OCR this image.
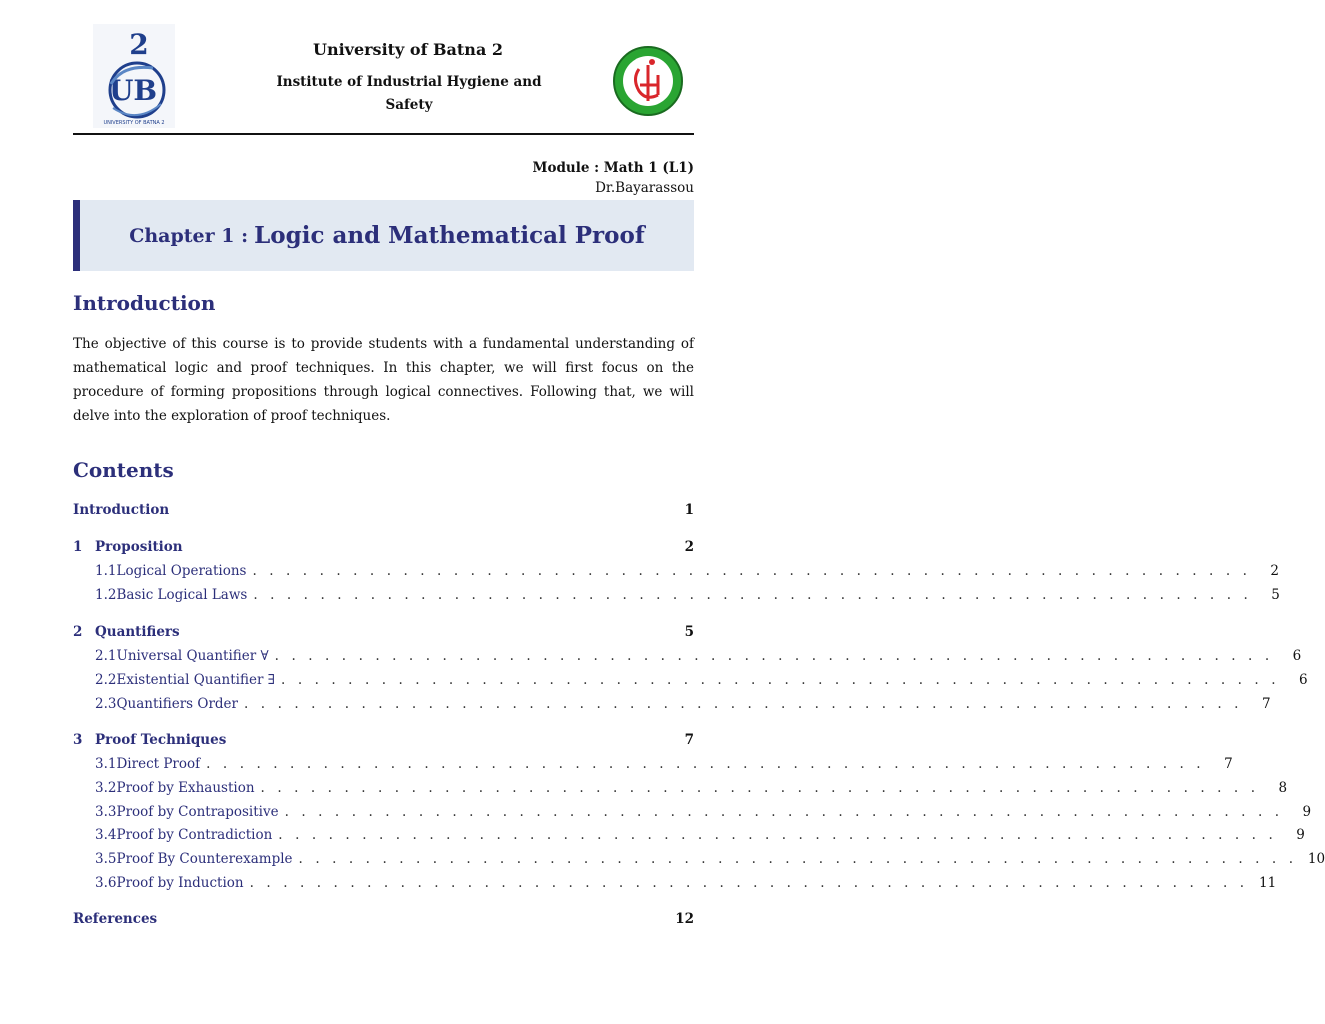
2
UB
UNIVERSITY OF BATNA 2
University of Batna 2
Institute of Industrial Hygiene and Safety
Module : Math 1 (L1)
Dr.Bayarassou
Chapter 1 : Logic and Mathematical Proof
Introduction
The objective of this course is to provide students with a fundamental understanding of mathematical logic and proof techniques. In this chapter, we will first focus on the procedure of forming propositions through logical connectives. Following that, we will delve into the exploration of proof techniques.
Contents
Introduction	1
1 Proposition	2
1.1 Logical Operations . . . . . . . . . . . . . . . . . . . . . . . . . . . . . . . . . . . . . . . . . . . . . . . . . . . . . . . . . . . .	2
1.2 Basic Logical Laws . . . . . . . . . . . . . . . . . . . . . . . . . . . . . . . . . . . . . . . . . . . . . . . . . . . . . . . . . . . .	5
2 Quantifiers	5
2.1 Universal Quantifier ∀ . . . . . . . . . . . . . . . . . . . . . . . . . . . . . . . . . . . . . . . . . . . . . . . . . . . . . . . . . . . .	6
2.2 Existential Quantifier ∃ . . . . . . . . . . . . . . . . . . . . . . . . . . . . . . . . . . . . . . . . . . . . . . . . . . . . . . . . . . . .	6
2.3 Quantifiers Order . . . . . . . . . . . . . . . . . . . . . . . . . . . . . . . . . . . . . . . . . . . . . . . . . . . . . . . . . . . .	7
3 Proof Techniques	7
3.1 Direct Proof . . . . . . . . . . . . . . . . . . . . . . . . . . . . . . . . . . . . . . . . . . . . . . . . . . . . . . . . . . . .	7
3.2 Proof by Exhaustion . . . . . . . . . . . . . . . . . . . . . . . . . . . . . . . . . . . . . . . . . . . . . . . . . . . . . . . . . . . .	8
3.3 Proof by Contrapositive . . . . . . . . . . . . . . . . . . . . . . . . . . . . . . . . . . . . . . . . . . . . . . . . . . . . . . . . . . . .	9
3.4 Proof by Contradiction . . . . . . . . . . . . . . . . . . . . . . . . . . . . . . . . . . . . . . . . . . . . . . . . . . . . . . . . . . . .	9
3.5 Proof By Counterexample . . . . . . . . . . . . . . . . . . . . . . . . . . . . . . . . . . . . . . . . . . . . . . . . . . . . . . . . . . . . 10
3.6 Proof by Induction . . . . . . . . . . . . . . . . . . . . . . . . . . . . . . . . . . . . . . . . . . . . . . . . . . . . . . . . . . . . 11
References	12
